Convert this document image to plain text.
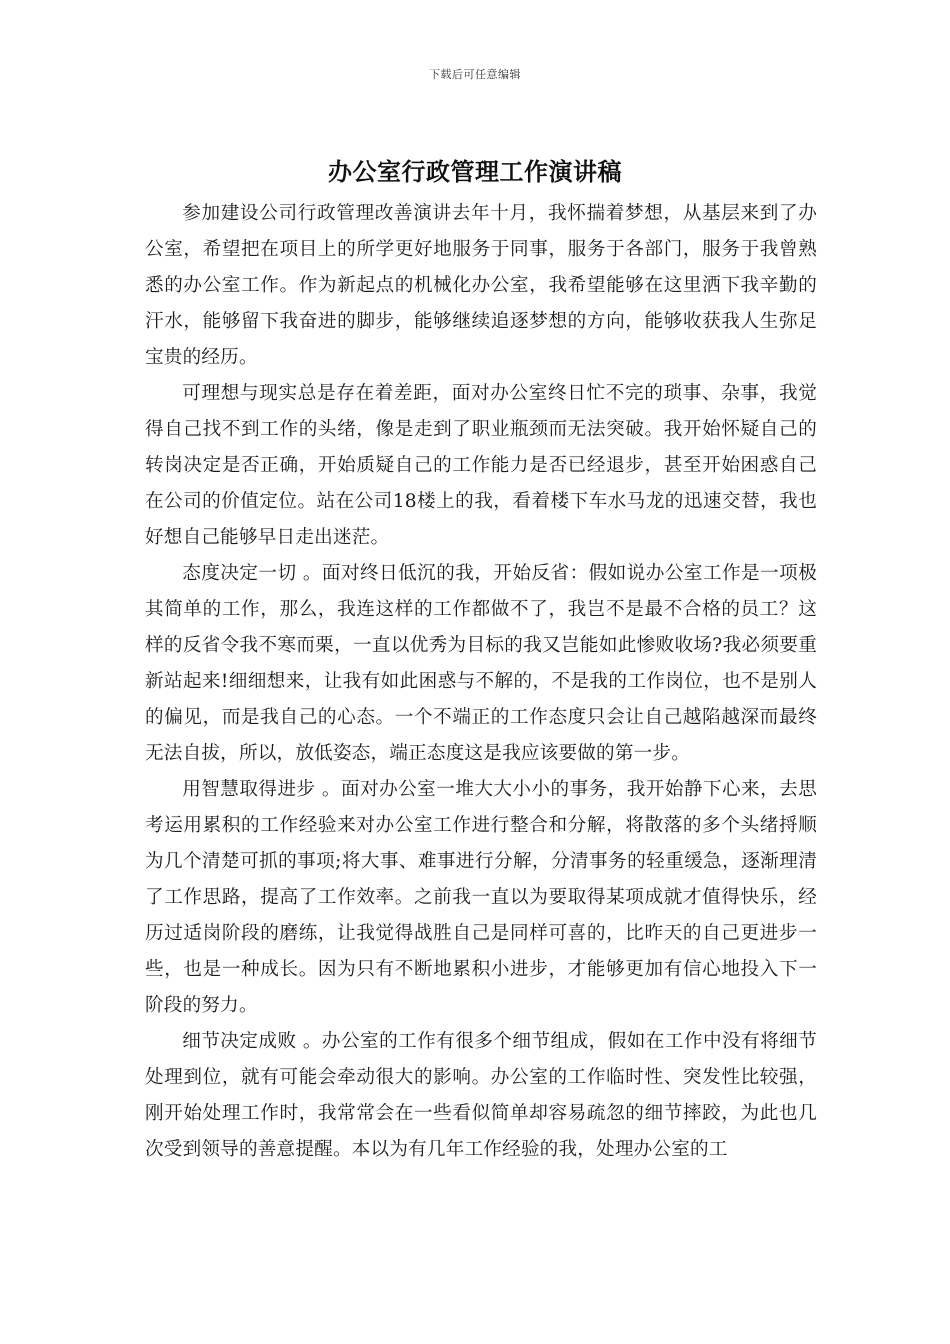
下载后可任意编辑
办公室行政管理工作演讲稿

参加建设公司行政管理改善演讲去年十月，我怀揣着梦想，从基层来到了办公室，希望把在项目上的所学更好地服务于同事，服务于各部门，服务于我曾熟悉的办公室工作。作为新起点的机械化办公室，我希望能够在这里洒下我辛勤的汗水，能够留下我奋进的脚步，能够继续追逐梦想的方向，能够收获我人生弥足宝贵的经历。

可理想与现实总是存在着差距，面对办公室终日忙不完的琐事、杂事，我觉得自己找不到工作的头绪，像是走到了职业瓶颈而无法突破。我开始怀疑自己的转岗决定是否正确，开始质疑自己的工作能力是否已经退步，甚至开始困惑自己在公司的价值定位。站在公司18楼上的我，看着楼下车水马龙的迅速交替，我也好想自己能够早日走出迷茫。

态度决定一切 。面对终日低沉的我，开始反省：假如说办公室工作是一项极其简单的工作，那么，我连这样的工作都做不了，我岂不是最不合格的员工？这样的反省令我不寒而栗，一直以优秀为目标的我又岂能如此惨败收场?我必须要重新站起来!细细想来，让我有如此困惑与不解的，不是我的工作岗位，也不是别人的偏见，而是我自己的心态。一个不端正的工作态度只会让自己越陷越深而最终无法自拔，所以，放低姿态，端正态度这是我应该要做的第一步。

用智慧取得进步 。面对办公室一堆大大小小的事务，我开始静下心来，去思考运用累积的工作经验来对办公室工作进行整合和分解，将散落的多个头绪捋顺为几个清楚可抓的事项;将大事、难事进行分解，分清事务的轻重缓急，逐渐理清了工作思路，提高了工作效率。之前我一直以为要取得某项成就才值得快乐，经历过适岗阶段的磨练，让我觉得战胜自己是同样可喜的，比昨天的自己更进步一些，也是一种成长。因为只有不断地累积小进步，才能够更加有信心地投入下一阶段的努力。

细节决定成败 。办公室的工作有很多个细节组成，假如在工作中没有将细节处理到位，就有可能会牵动很大的影响。办公室的工作临时性、突发性比较强，刚开始处理工作时，我常常会在一些看似简单却容易疏忽的细节摔跤，为此也几次受到领导的善意提醒。本以为有几年工作经验的我，处理办公室的工
